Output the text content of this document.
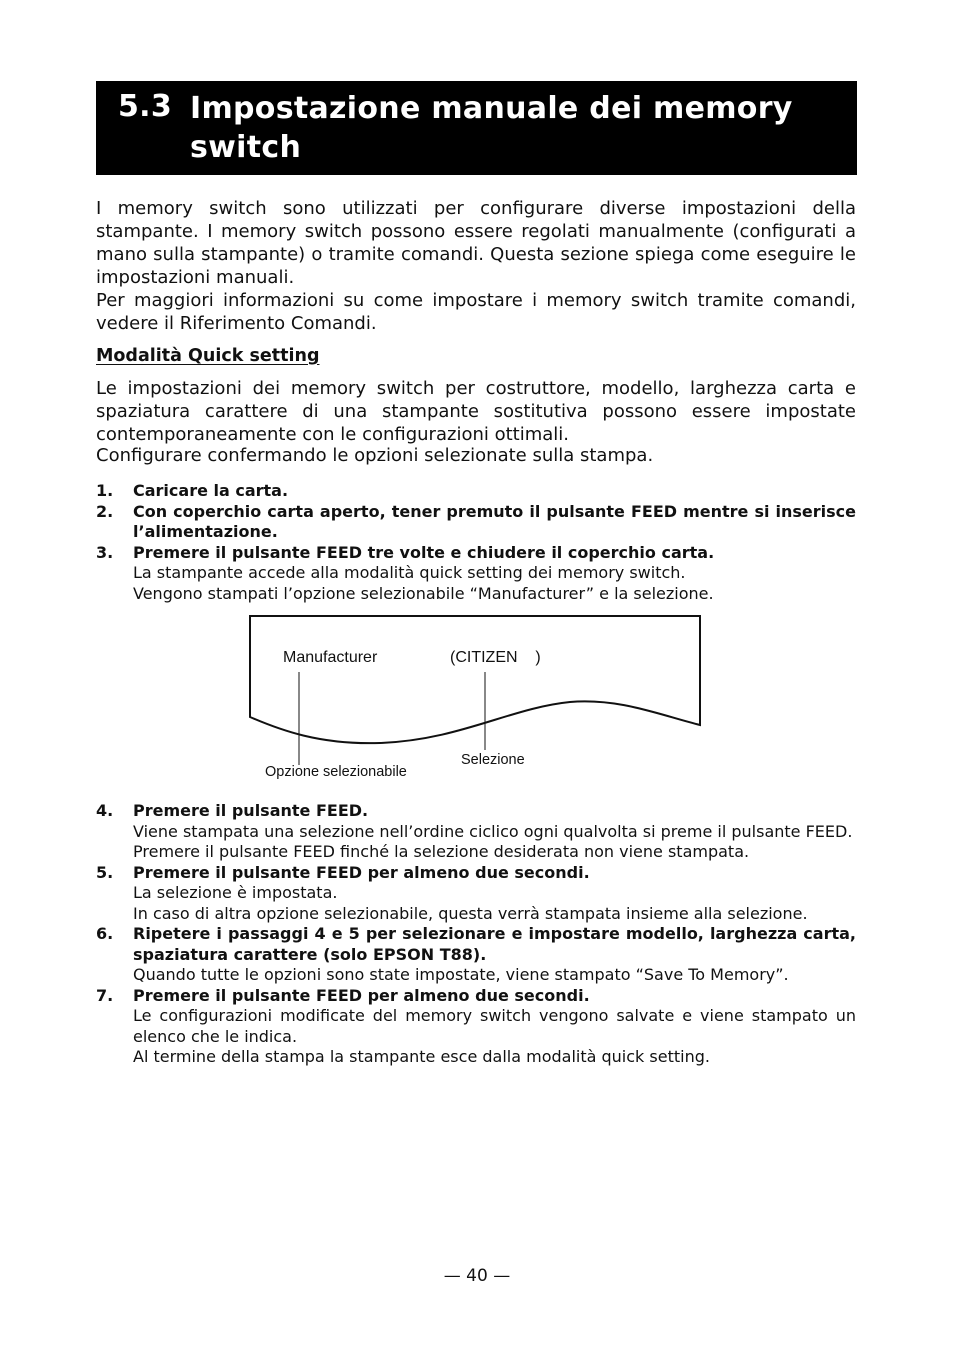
5.3 Impostazione manuale dei memory switch

I memory switch sono utilizzati per configurare diverse impostazioni della stampante. I memory switch possono essere regolati manualmente (configurati a mano sulla stampante) o tramite comandi. Questa sezione spiega come eseguire le impostazioni manuali.

Per maggiori informazioni su come impostare i memory switch tramite comandi, vedere il Riferimento Comandi.

Modalità Quick setting

Le impostazioni dei memory switch per costruttore, modello, larghezza carta e spaziatura carattere di una stampante sostitutiva possono essere impostate contemporaneamente con le configurazioni ottimali.

Configurare confermando le opzioni selezionate sulla stampa.

1. Caricare la carta.
2. Con coperchio carta aperto, tener premuto il pulsante FEED mentre si inserisce l’alimentazione.
3. Premere il pulsante FEED tre volte e chiudere il coperchio carta.
La stampante accede alla modalità quick setting dei memory switch.
Vengono stampati l’opzione selezionabile “Manufacturer” e la selezione.
Manufacturer	(CITIZEN    )
Opzione selezionabile
Selezione
4. Premere il pulsante FEED.
Viene stampata una selezione nell’ordine ciclico ogni qualvolta si preme il pulsante FEED.
Premere il pulsante FEED finché la selezione desiderata non viene stampata.
5. Premere il pulsante FEED per almeno due secondi.
La selezione è impostata.
In caso di altra opzione selezionabile, questa verrà stampata insieme alla selezione.
6. Ripetere i passaggi 4 e 5 per selezionare e impostare modello, larghezza carta, spaziatura carattere (solo EPSON T88).
Quando tutte le opzioni sono state impostate, viene stampato “Save To Memory”.
7. Premere il pulsante FEED per almeno due secondi.
Le configurazioni modificate del memory switch vengono salvate e viene stampato un elenco che le indica.
Al termine della stampa la stampante esce dalla modalità quick setting.
— 40 —
